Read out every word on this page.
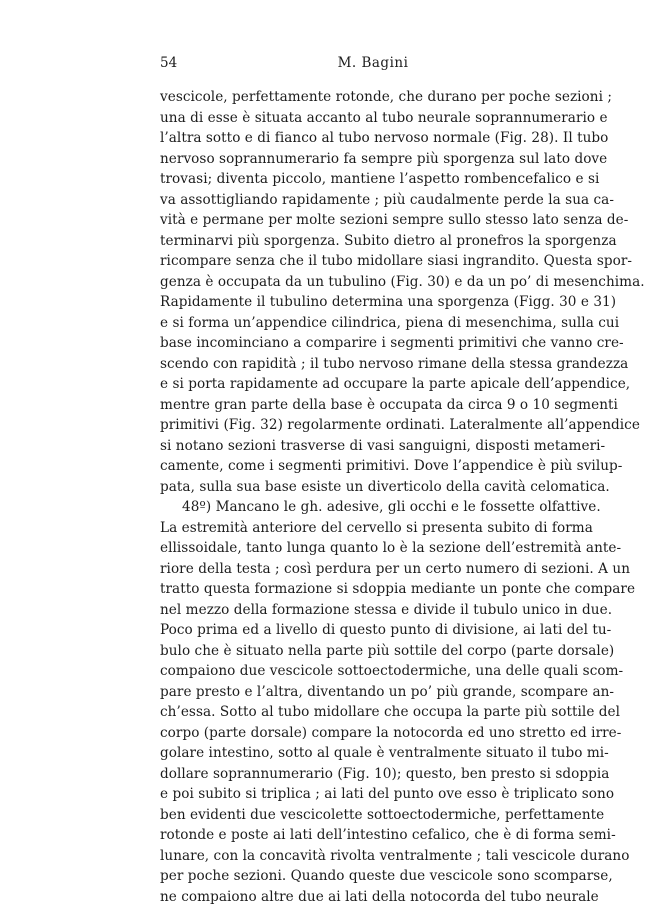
54	M. Bagini
vescicole, perfettamente rotonde, che durano per poche sezioni ;
una di esse è situata accanto al tubo neurale soprannumerario e
l’altra sotto e di fianco al tubo nervoso normale (Fig. 28). Il tubo
nervoso soprannumerario fa sempre più sporgenza sul lato dove
trovasi; diventa piccolo, mantiene l’aspetto rombencefalico e si
va assottigliando rapidamente ; più caudalmente perde la sua ca-
vità e permane per molte sezioni sempre sullo stesso lato senza de-
terminarvi più sporgenza. Subito dietro al pronefros la sporgenza
ricompare senza che il tubo midollare siasi ingrandito. Questa spor-
genza è occupata da un tubulino (Fig. 30) e da un po’ di mesenchima.
Rapidamente il tubulino determina una sporgenza (Figg. 30 e 31)
e si forma un’appendice cilindrica, piena di mesenchima, sulla cui
base incominciano a comparire i segmenti primitivi che vanno cre-
scendo con rapidità ; il tubo nervoso rimane della stessa grandezza
e si porta rapidamente ad occupare la parte apicale dell’appendice,
mentre gran parte della base è occupata da circa 9 o 10 segmenti
primitivi (Fig. 32) regolarmente ordinati. Lateralmente all’appendice
si notano sezioni trasverse di vasi sanguigni, disposti metameri-
camente, come i segmenti primitivi. Dove l’appendice è più svilup-
pata, sulla sua base esiste un diverticolo della cavità celomatica.
48º) Mancano le gh. adesive, gli occhi e le fossette olfattive.
La estremità anteriore del cervello si presenta subito di forma
ellissoidale, tanto lunga quanto lo è la sezione dell’estremità ante-
riore della testa ; così perdura per un certo numero di sezioni. A un
tratto questa formazione si sdoppia mediante un ponte che compare
nel mezzo della formazione stessa e divide il tubulo unico in due.
Poco prima ed a livello di questo punto di divisione, ai lati del tu-
bulo che è situato nella parte più sottile del corpo (parte dorsale)
compaiono due vescicole sottoectodermiche, una delle quali scom-
pare presto e l’altra, diventando un po’ più grande, scompare an-
ch’essa. Sotto al tubo midollare che occupa la parte più sottile del
corpo (parte dorsale) compare la notocorda ed uno stretto ed irre-
golare intestino, sotto al quale è ventralmente situato il tubo mi-
dollare soprannumerario (Fig. 10); questo, ben presto si sdoppia
e poi subito si triplica ; ai lati del punto ove esso è triplicato sono
ben evidenti due vescicolette sottoectodermiche, perfettamente
rotonde e poste ai lati dell’intestino cefalico, che è di forma semi-
lunare, con la concavità rivolta ventralmente ; tali vescicole durano
per poche sezioni. Quando queste due vescicole sono scomparse,
ne compaiono altre due ai lati della notocorda del tubo neurale
